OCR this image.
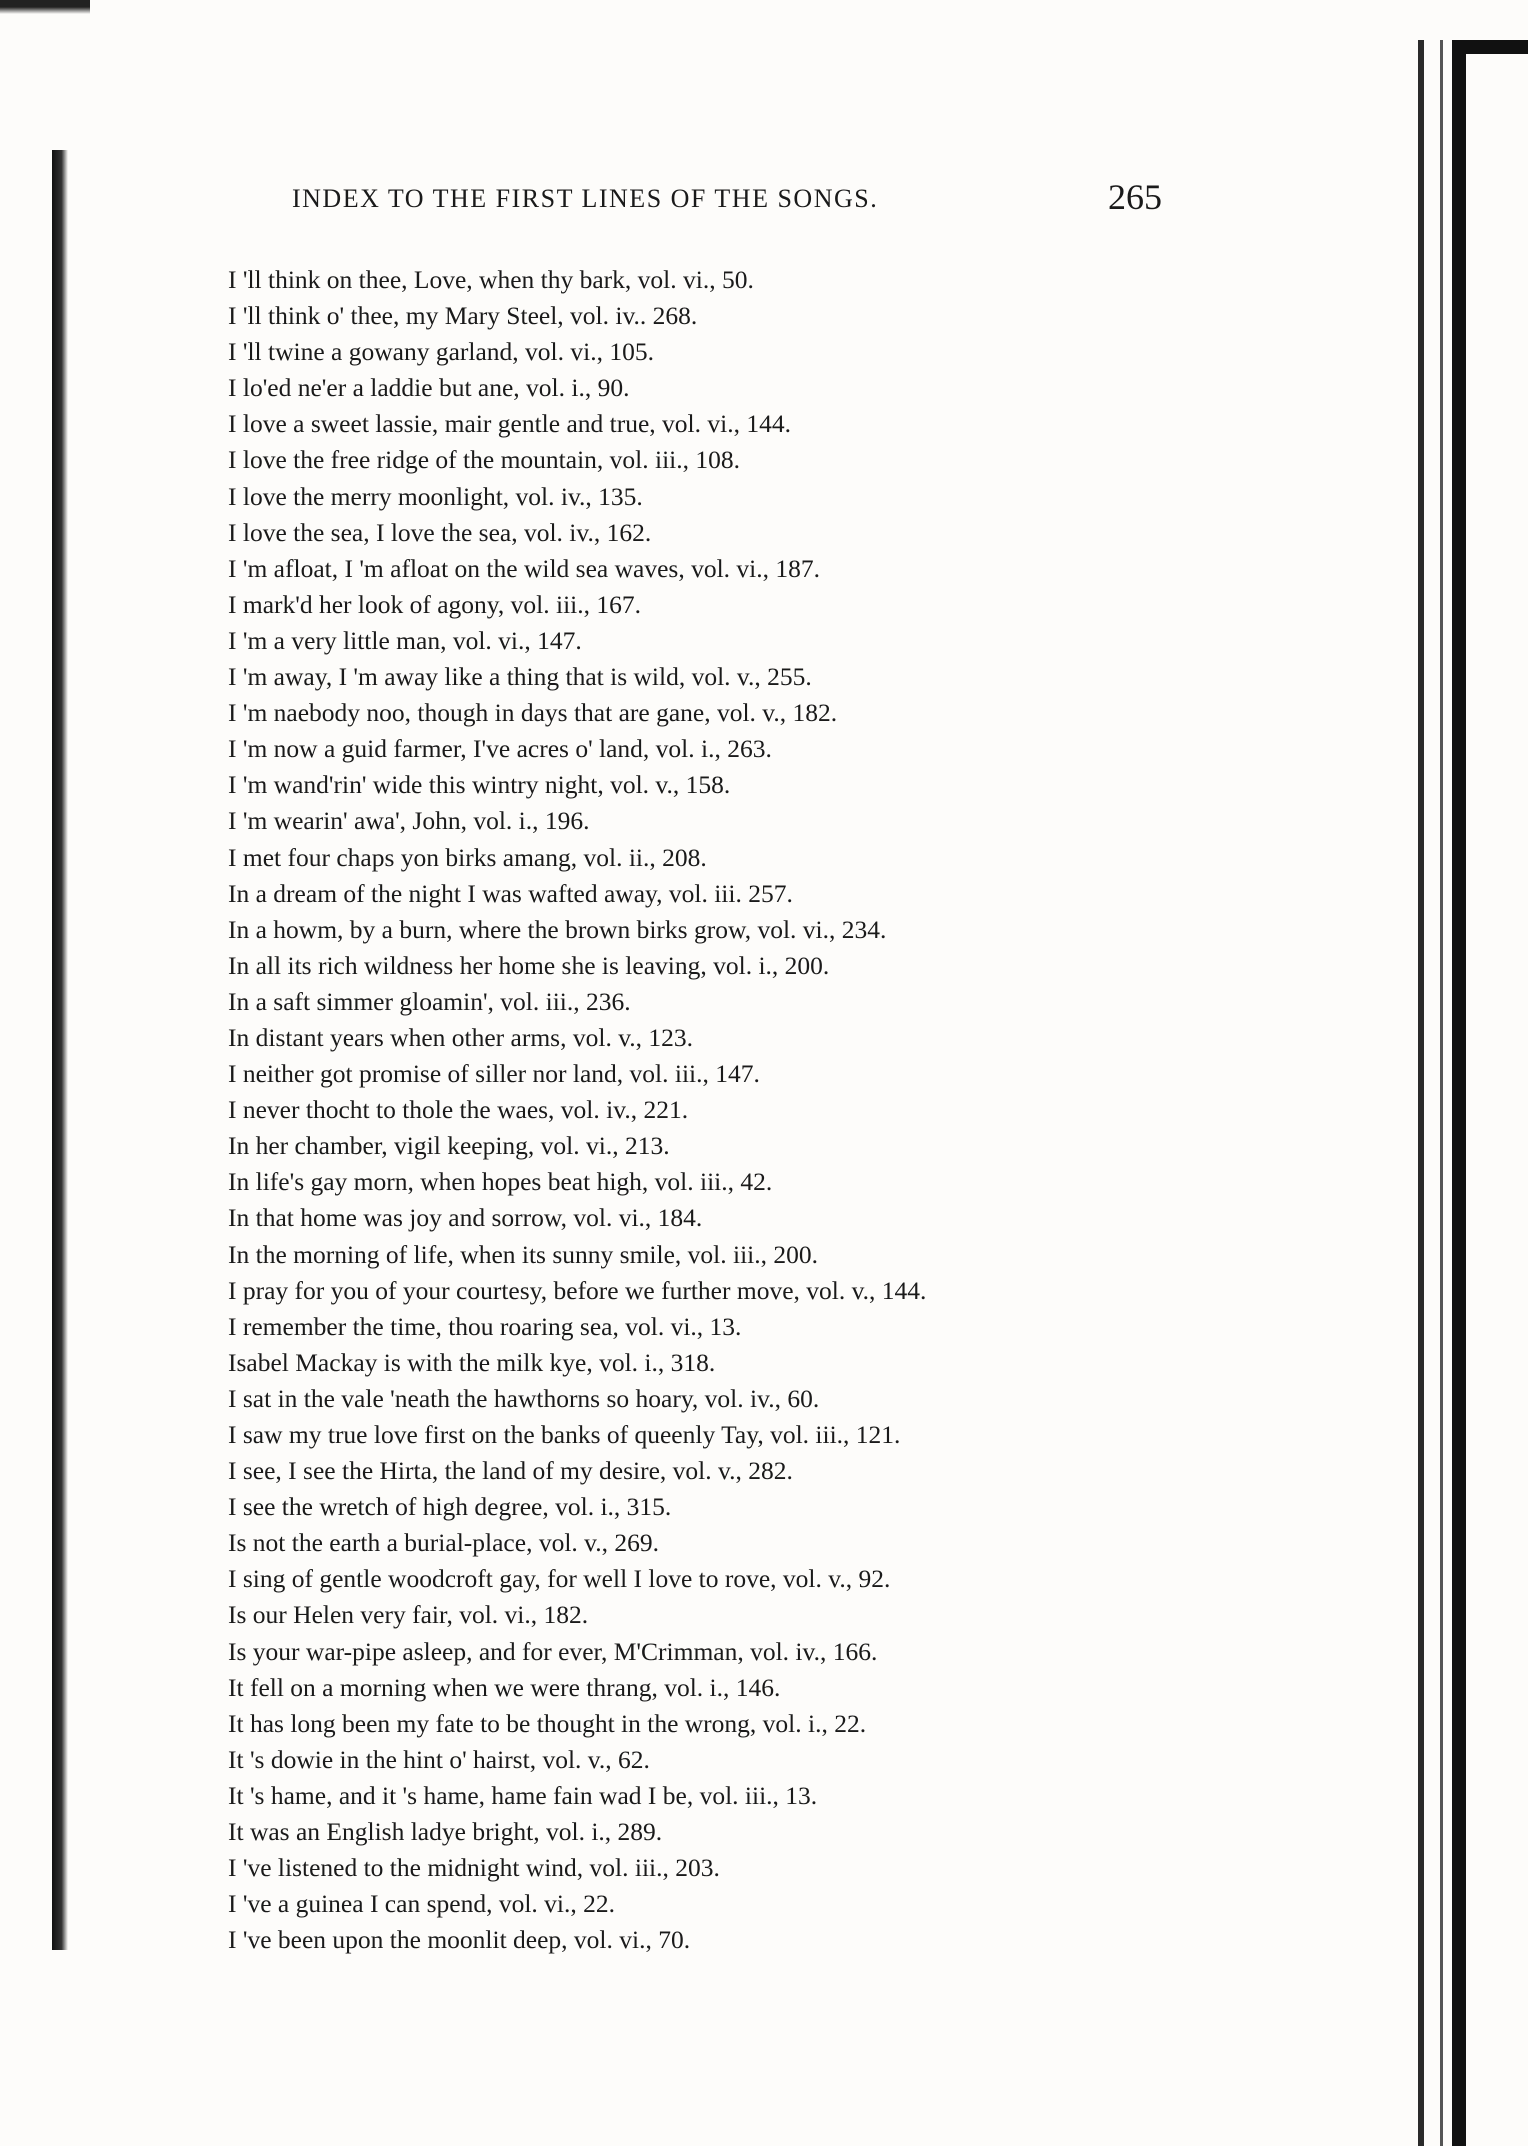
INDEX TO THE FIRST LINES OF THE SONGS.	265
I 'll think on thee, Love, when thy bark, vol. vi., 50.
I 'll think o' thee, my Mary Steel, vol. iv.. 268.
I 'll twine a gowany garland, vol. vi., 105.
I lo'ed ne'er a laddie but ane, vol. i., 90.
I love a sweet lassie, mair gentle and true, vol. vi., 144.
I love the free ridge of the mountain, vol. iii., 108.
I love the merry moonlight, vol. iv., 135.
I love the sea, I love the sea, vol. iv., 162.
I 'm afloat, I 'm afloat on the wild sea waves, vol. vi., 187.
I mark'd her look of agony, vol. iii., 167.
I 'm a very little man, vol. vi., 147.
I 'm away, I 'm away like a thing that is wild, vol. v., 255.
I 'm naebody noo, though in days that are gane, vol. v., 182.
I 'm now a guid farmer, I've acres o' land, vol. i., 263.
I 'm wand'rin' wide this wintry night, vol. v., 158.
I 'm wearin' awa', John, vol. i., 196.
I met four chaps yon birks amang, vol. ii., 208.
In a dream of the night I was wafted away, vol. iii. 257.
In a howm, by a burn, where the brown birks grow, vol. vi., 234.
In all its rich wildness her home she is leaving, vol. i., 200.
In a saft simmer gloamin', vol. iii., 236.
In distant years when other arms, vol. v., 123.
I neither got promise of siller nor land, vol. iii., 147.
I never thocht to thole the waes, vol. iv., 221.
In her chamber, vigil keeping, vol. vi., 213.
In life's gay morn, when hopes beat high, vol. iii., 42.
In that home was joy and sorrow, vol. vi., 184.
In the morning of life, when its sunny smile, vol. iii., 200.
I pray for you of your courtesy, before we further move, vol. v., 144.
I remember the time, thou roaring sea, vol. vi., 13.
Isabel Mackay is with the milk kye, vol. i., 318.
I sat in the vale 'neath the hawthorns so hoary, vol. iv., 60.
I saw my true love first on the banks of queenly Tay, vol. iii., 121.
I see, I see the Hirta, the land of my desire, vol. v., 282.
I see the wretch of high degree, vol. i., 315.
Is not the earth a burial-place, vol. v., 269.
I sing of gentle woodcroft gay, for well I love to rove, vol. v., 92.
Is our Helen very fair, vol. vi., 182.
Is your war-pipe asleep, and for ever, M'Crimman, vol. iv., 166.
It fell on a morning when we were thrang, vol. i., 146.
It has long been my fate to be thought in the wrong, vol. i., 22.
It 's dowie in the hint o' hairst, vol. v., 62.
It 's hame, and it 's hame, hame fain wad I be, vol. iii., 13.
It was an English ladye bright, vol. i., 289.
I 've listened to the midnight wind, vol. iii., 203.
I 've a guinea I can spend, vol. vi., 22.
I 've been upon the moonlit deep, vol. vi., 70.
